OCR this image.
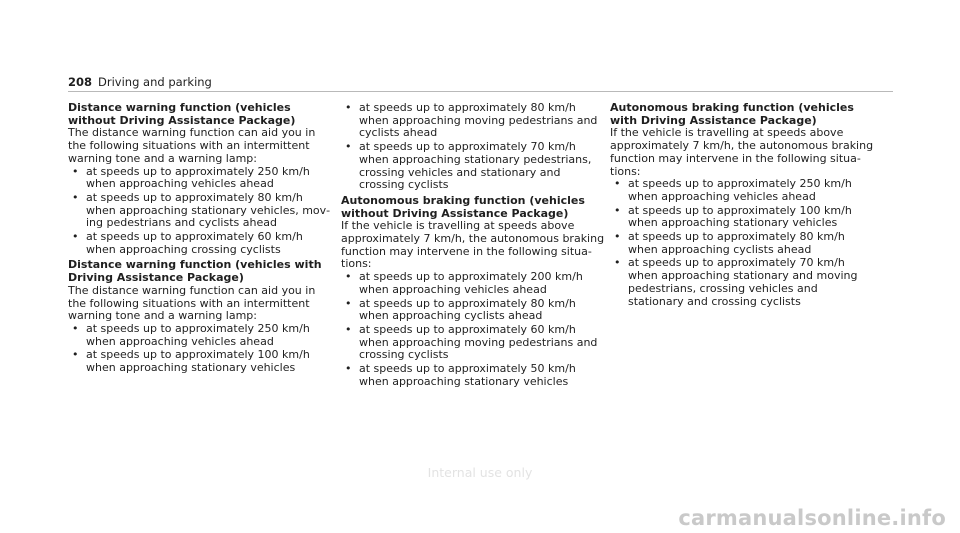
208 Driving and parking

Distance warning function (vehicles without Driving Assistance Package)

The distance warning function can aid you in the following situations with an intermittent warning tone and a warning lamp:

• at speeds up to approximately 250 km/h when approaching vehicles ahead
• at speeds up to approximately 80 km/h when approaching stationary vehicles, moving pedestrians and cyclists ahead
• at speeds up to approximately 60 km/h when approaching crossing cyclists

Distance warning function (vehicles with Driving Assistance Package)

The distance warning function can aid you in the following situations with an intermittent warning tone and a warning lamp:

• at speeds up to approximately 250 km/h when approaching vehicles ahead
• at speeds up to approximately 100 km/h when approaching stationary vehicles
• at speeds up to approximately 80 km/h when approaching moving pedestrians and cyclists ahead
• at speeds up to approximately 70 km/h when approaching stationary pedestrians, crossing vehicles and stationary and crossing cyclists

Autonomous braking function (vehicles without Driving Assistance Package)

If the vehicle is travelling at speeds above approximately 7 km/h, the autonomous braking function may intervene in the following situations:

• at speeds up to approximately 200 km/h when approaching vehicles ahead
• at speeds up to approximately 80 km/h when approaching cyclists ahead
• at speeds up to approximately 60 km/h when approaching moving pedestrians and crossing cyclists
• at speeds up to approximately 50 km/h when approaching stationary vehicles

Autonomous braking function (vehicles with Driving Assistance Package)

If the vehicle is travelling at speeds above approximately 7 km/h, the autonomous braking function may intervene in the following situations:

• at speeds up to approximately 250 km/h when approaching vehicles ahead
• at speeds up to approximately 100 km/h when approaching stationary vehicles
• at speeds up to approximately 80 km/h when approaching cyclists ahead
• at speeds up to approximately 70 km/h when approaching stationary and moving pedestrians, crossing vehicles and stationary and crossing cyclists
Internal use only
carmanualsonline.info
